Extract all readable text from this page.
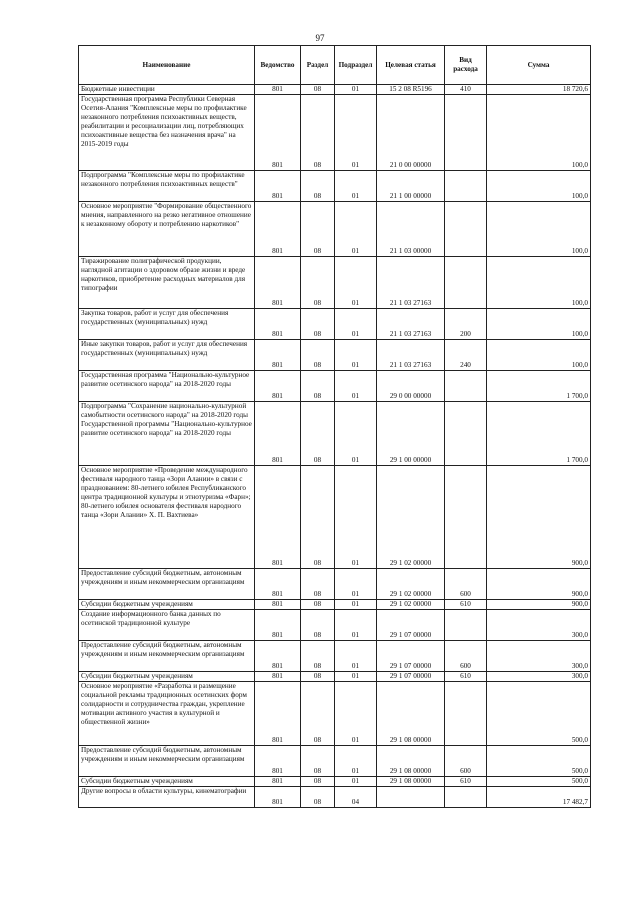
97
Наименование	Ведомство	Раздел	Подраздел	Целевая статья	Вид расхода	Сумма
Бюджетные инвестиции	801	08	01	15 2 08 R5196	410	18 720,6
Государственная программа Республики Северная Осетия-Алания "Комплексные меры по профилактике незаконного потребления психоактивных веществ, реабилитации и ресоциализации лиц, потребляющих психоактивные вещества без назначения врача" на 2015-2019 годы	801	08	01	21 0 00 00000		100,0
Подпрограмма "Комплексные меры по профилактике незаконного потребления психоактивных веществ"	801	08	01	21 1 00 00000		100,0
Основное мероприятие "Формирование общественного мнения, направленного на резко негативное отношение к незаконному обороту и потреблению наркотиков"	801	08	01	21 1 03 00000		100,0
Тиражирование полиграфической продукции, наглядной агитации о здоровом образе жизни и вреде наркотиков, приобретение расходных материалов для типографии	801	08	01	21 1 03 27163		100,0
Закупка товаров, работ и услуг для обеспечения государственных (муниципальных) нужд	801	08	01	21 1 03 27163	200	100,0
Иные закупки товаров, работ и услуг для обеспечения государственных (муниципальных) нужд	801	08	01	21 1 03 27163	240	100,0
Государственная программа "Национально-культурное развитие осетинского народа" на 2018-2020 годы	801	08	01	29 0 00 00000		1 700,0
Подпрограмма "Сохранение национально-культурной самобытности осетинского народа" на 2018-2020 годы Государственной программы "Национально-культурное развитие осетинского народа" на 2018-2020 годы	801	08	01	29 1 00 00000		1 700,0
Основное мероприятие «Проведение международного фестиваля народного танца «Зори Алании» в связи с празднованием: 80-летнего юбилея Республиканского центра традиционной культуры и этнотуризма «Фарн»; 80-летнего юбилея основателя фестиваля народного танца «Зори Алании» Х. П. Вахтиева»	801	08	01	29 1 02 00000		900,0
Предоставление субсидий бюджетным, автономным учреждениям и иным некоммерческим организациям	801	08	01	29 1 02 00000	600	900,0
Субсидии бюджетным учреждениям	801	08	01	29 1 02 00000	610	900,0
Создание информационного банка данных по осетинской традиционной культуре	801	08	01	29 1 07 00000		300,0
Предоставление субсидий бюджетным, автономным учреждениям и иным некоммерческим организациям	801	08	01	29 1 07 00000	600	300,0
Субсидии бюджетным учреждениям	801	08	01	29 1 07 00000	610	300,0
Основное мероприятие «Разработка и размещение социальной рекламы традиционных осетинских форм солидарности и сотрудничества граждан, укрепление мотивации активного участия в культурной и общественной жизни»	801	08	01	29 1 08 00000		500,0
Предоставление субсидий бюджетным, автономным учреждениям и иным некоммерческим организациям	801	08	01	29 1 08 00000	600	500,0
Субсидии бюджетным учреждениям	801	08	01	29 1 08 00000	610	500,0
Другие вопросы в области культуры, кинематографии	801	08	04			17 482,7
